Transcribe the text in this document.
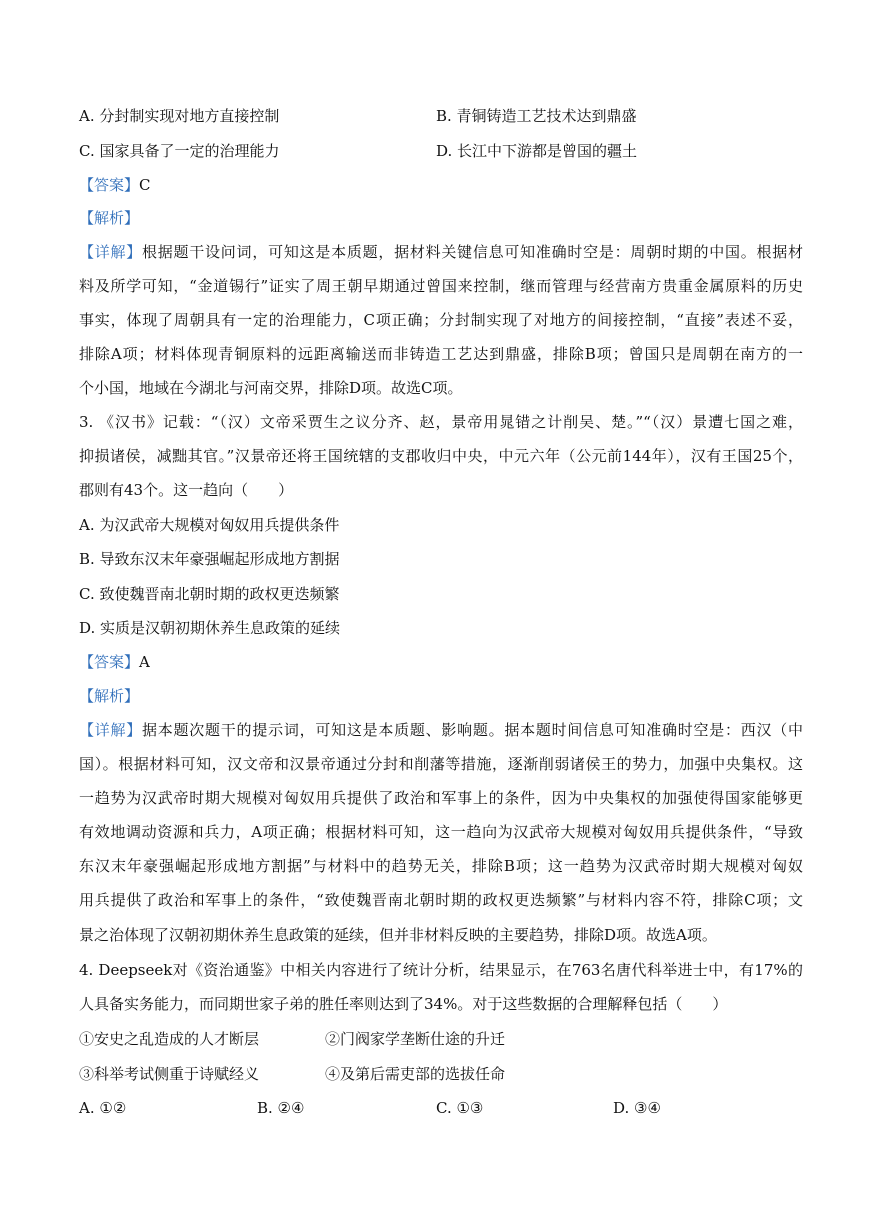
A. 分封制实现对地方直接控制	B. 青铜铸造工艺技术达到鼎盛
C. 国家具备了一定的治理能力	D. 长江中下游都是曾国的疆土
【答案】C
【解析】
【详解】根据题干设问词，可知这是本质题，据材料关键信息可知准确时空是：周朝时期的中国。根据材
料及所学可知，“金道锡行”证实了周王朝早期通过曾国来控制，继而管理与经营南方贵重金属原料的历史
事实，体现了周朝具有一定的治理能力，C项正确；分封制实现了对地方的间接控制，“直接”表述不妥，
排除A项；材料体现青铜原料的远距离输送而非铸造工艺达到鼎盛，排除B项；曾国只是周朝在南方的一
个小国，地域在今湖北与河南交界，排除D项。故选C项。
3. 《汉书》记载：“（汉）文帝采贾生之议分齐、赵，景帝用晁错之计削吴、楚。”“（汉）景遭七国之难，
抑损诸侯，减黜其官。”汉景帝还将王国统辖的支郡收归中央，中元六年（公元前144年），汉有王国25个，
郡则有43个。这一趋向（　　）
A. 为汉武帝大规模对匈奴用兵提供条件
B. 导致东汉末年豪强崛起形成地方割据
C. 致使魏晋南北朝时期的政权更迭频繁
D. 实质是汉朝初期休养生息政策的延续
【答案】A
【解析】
【详解】据本题次题干的提示词，可知这是本质题、影响题。据本题时间信息可知准确时空是：西汉（中
国）。根据材料可知，汉文帝和汉景帝通过分封和削藩等措施，逐渐削弱诸侯王的势力，加强中央集权。这
一趋势为汉武帝时期大规模对匈奴用兵提供了政治和军事上的条件，因为中央集权的加强使得国家能够更
有效地调动资源和兵力，A项正确；根据材料可知，这一趋向为汉武帝大规模对匈奴用兵提供条件，“导致
东汉末年豪强崛起形成地方割据”与材料中的趋势无关，排除B项；这一趋势为汉武帝时期大规模对匈奴
用兵提供了政治和军事上的条件，“致使魏晋南北朝时期的政权更迭频繁”与材料内容不符，排除C项；文
景之治体现了汉朝初期休养生息政策的延续，但并非材料反映的主要趋势，排除D项。故选A项。
4. Deepseek对《资治通鉴》中相关内容进行了统计分析，结果显示，在763名唐代科举进士中，有17%的
人具备实务能力，而同期世家子弟的胜任率则达到了34%。对于这些数据的合理解释包括（　　）
①安史之乱造成的人才断层	②门阀家学垄断仕途的升迁
③科举考试侧重于诗赋经义	④及第后需吏部的选拔任命
A. ①②	B. ②④	C. ①③	D. ③④
